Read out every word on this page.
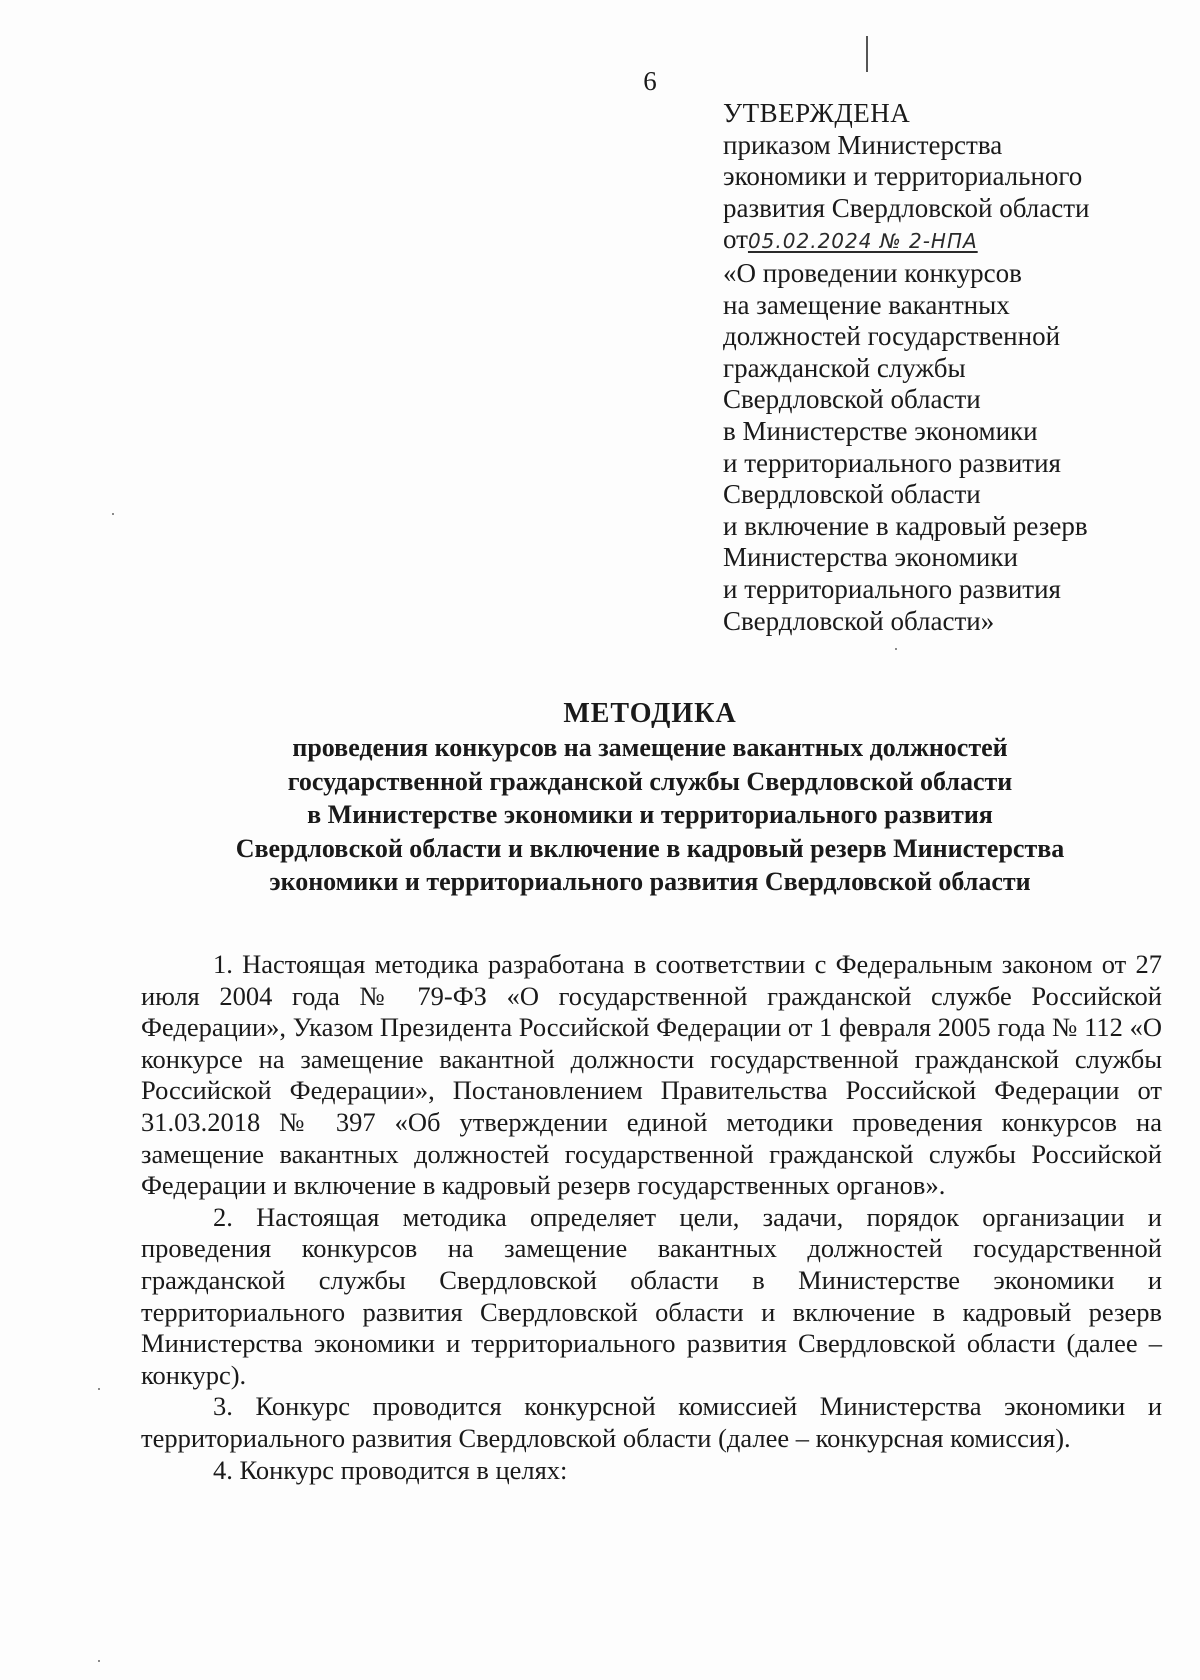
6
УТВЕРЖДЕНА
приказом Министерства
экономики и территориального
развития Свердловской области
от05.02.2024 № 2-НПА
«О проведении конкурсов
на замещение вакантных
должностей государственной
гражданской службы
Свердловской области
в Министерстве экономики
и территориального развития
Свердловской области
и включение в кадровый резерв
Министерства экономики
и территориального развития
Свердловской области»
МЕТОДИКА
проведения конкурсов на замещение вакантных должностей
государственной гражданской службы Свердловской области
в Министерстве экономики и территориального развития
Свердловской области и включение в кадровый резерв Министерства
экономики и территориального развития Свердловской области

1. Настоящая методика разработана в соответствии с Федеральным законом от 27 июля 2004 года № 79-ФЗ «О государственной гражданской службе Российской Федерации», Указом Президента Российской Федерации от 1 февраля 2005 года № 112 «О конкурсе на замещение вакантной должности государственной гражданской службы Российской Федерации», Постановлением Правительства Российской Федерации от 31.03.2018 № 397 «Об утверждении единой методики проведения конкурсов на замещение вакантных должностей государственной гражданской службы Российской Федерации и включение в кадровый резерв государственных органов».

2. Настоящая методика определяет цели, задачи, порядок организации и проведения конкурсов на замещение вакантных должностей государственной гражданской службы Свердловской области в Министерстве экономики и территориального развития Свердловской области и включение в кадровый резерв Министерства экономики и территориального развития Свердловской области (далее – конкурс).

3. Конкурс проводится конкурсной комиссией Министерства экономики и территориального развития Свердловской области (далее – конкурсная комиссия).

4. Конкурс проводится в целях:
